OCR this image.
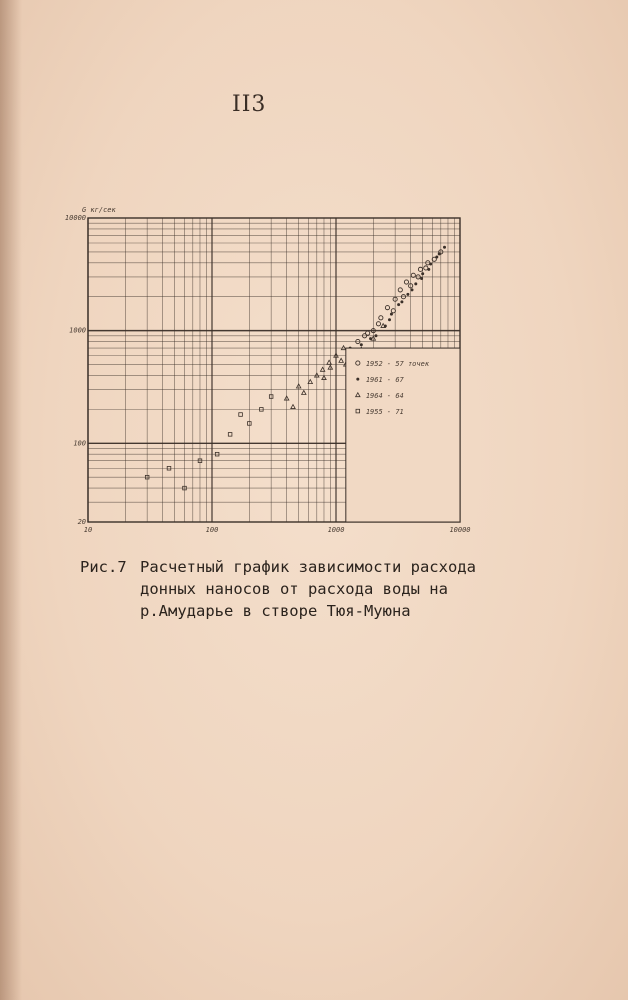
II3
10	100	1000	10000
10000
1000
100
20
G кг/сек
1952 - 57 точек
1961 - 67
1964 - 64
1955 - 71
Рис.7 Расчетный график зависимости расхода
донных наносов от расхода воды на
р.Амударье в створе Тюя-Муюна
